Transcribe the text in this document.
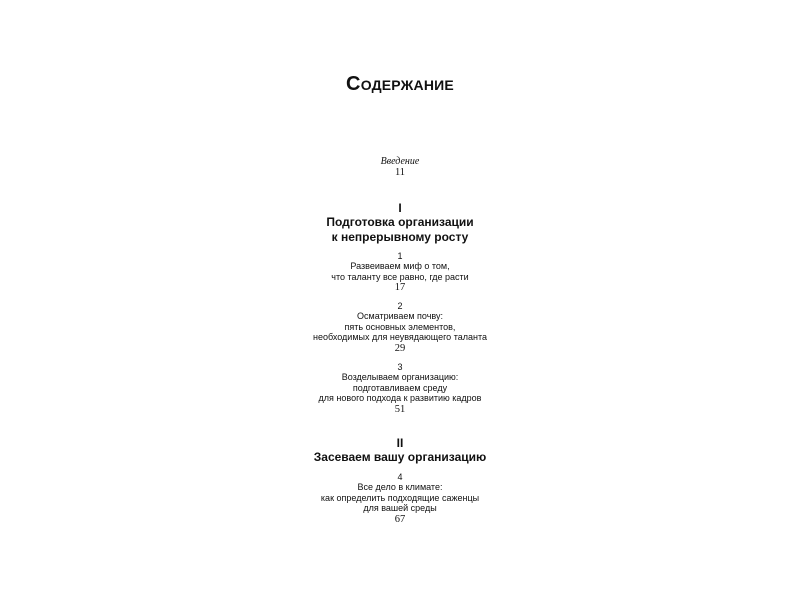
Содержание
Введение
11
I
Подготовка организации
к непрерывному росту
1
Развеиваем миф о том,
что таланту все равно, где расти
17
2
Осматриваем почву:
пять основных элементов,
необходимых для неувядающего таланта
29
3
Возделываем организацию:
подготавливаем среду
для нового подхода к развитию кадров
51
II
Засеваем вашу организацию
4
Все дело в климате:
как определить подходящие саженцы
для вашей среды
67
